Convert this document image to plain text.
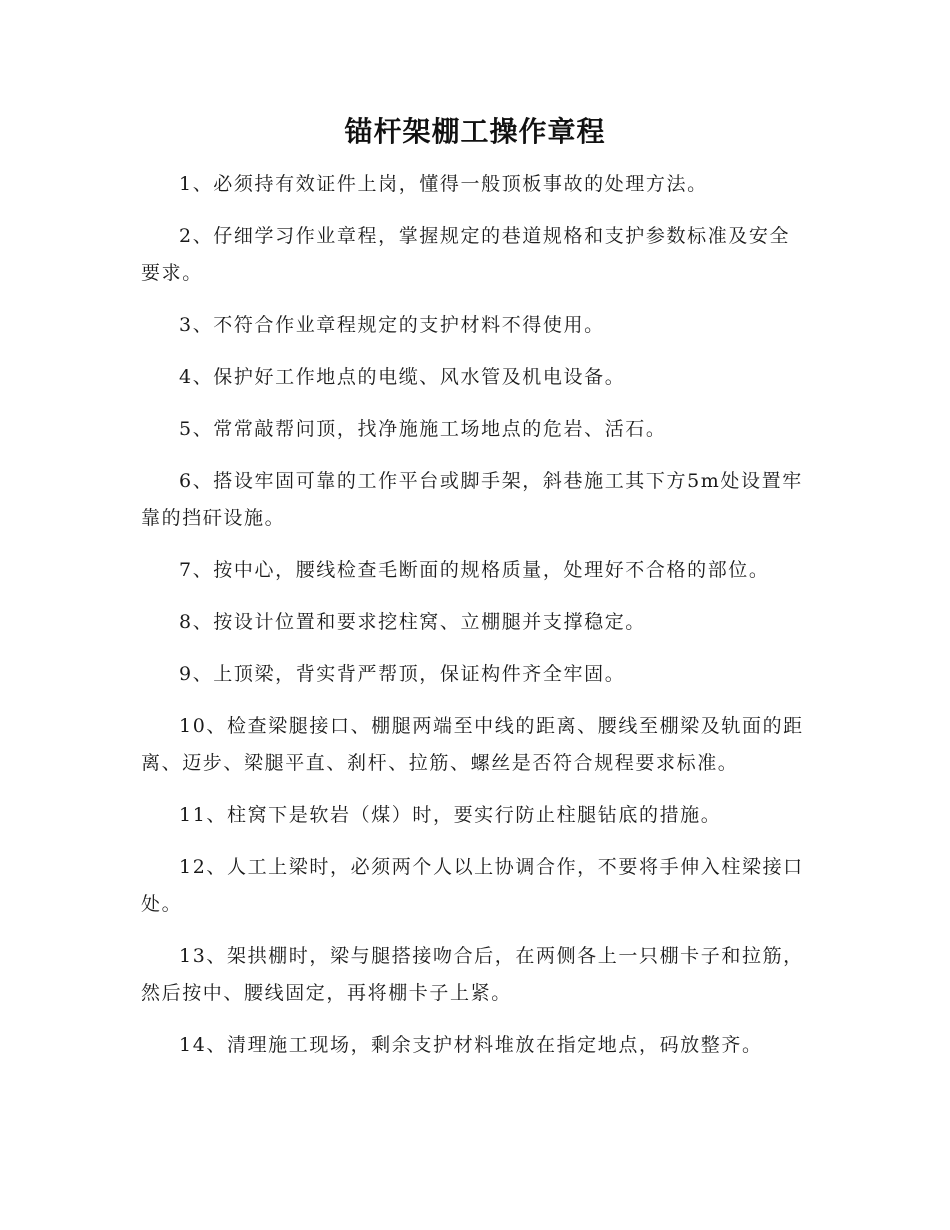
锚杆架棚工操作章程

1、必须持有效证件上岗，懂得一般顶板事故的处理方法。

2、仔细学习作业章程，掌握规定的巷道规格和支护参数标准及安全要求。

3、不符合作业章程规定的支护材料不得使用。

4、保护好工作地点的电缆、风水管及机电设备。

5、常常敲帮问顶，找净施施工场地点的危岩、活石。

6、搭设牢固可靠的工作平台或脚手架，斜巷施工其下方5m处设置牢靠的挡矸设施。

7、按中心，腰线检查毛断面的规格质量，处理好不合格的部位。

8、按设计位置和要求挖柱窝、立棚腿并支撑稳定。

9、上顶梁，背实背严帮顶，保证构件齐全牢固。

10、检查梁腿接口、棚腿两端至中线的距离、腰线至棚梁及轨面的距离、迈步、梁腿平直、刹杆、拉筋、螺丝是否符合规程要求标准。

11、柱窝下是软岩（煤）时，要实行防止柱腿钻底的措施。

12、人工上梁时，必须两个人以上协调合作，不要将手伸入柱梁接口处。

13、架拱棚时，梁与腿搭接吻合后，在两侧各上一只棚卡子和拉筋，然后按中、腰线固定，再将棚卡子上紧。

14、清理施工现场，剩余支护材料堆放在指定地点，码放整齐。
